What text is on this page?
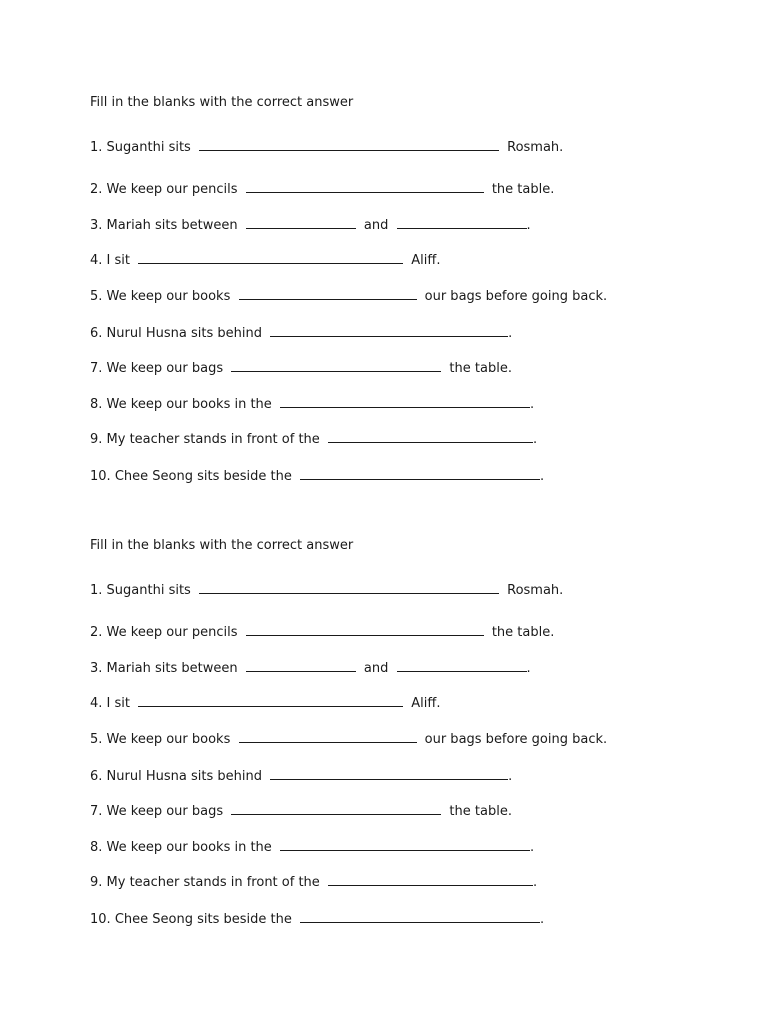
Fill in the blanks with the correct answer

1. Suganthi sits	Rosmah.
2. We keep our pencils	the table.
3. Mariah sits between	and	.
4. I sit	Aliff.
5. We keep our books	our bags before going back.
6. Nurul Husna sits behind	.
7. We keep our bags	the table.
8. We keep our books in the	.
9. My teacher stands in front of the	.
10. Chee Seong sits beside the	.

Fill in the blanks with the correct answer

1. Suganthi sits	Rosmah.
2. We keep our pencils	the table.
3. Mariah sits between	and	.
4. I sit	Aliff.
5. We keep our books	our bags before going back.
6. Nurul Husna sits behind	.
7. We keep our bags	the table.
8. We keep our books in the	.
9. My teacher stands in front of the	.
10. Chee Seong sits beside the	.
